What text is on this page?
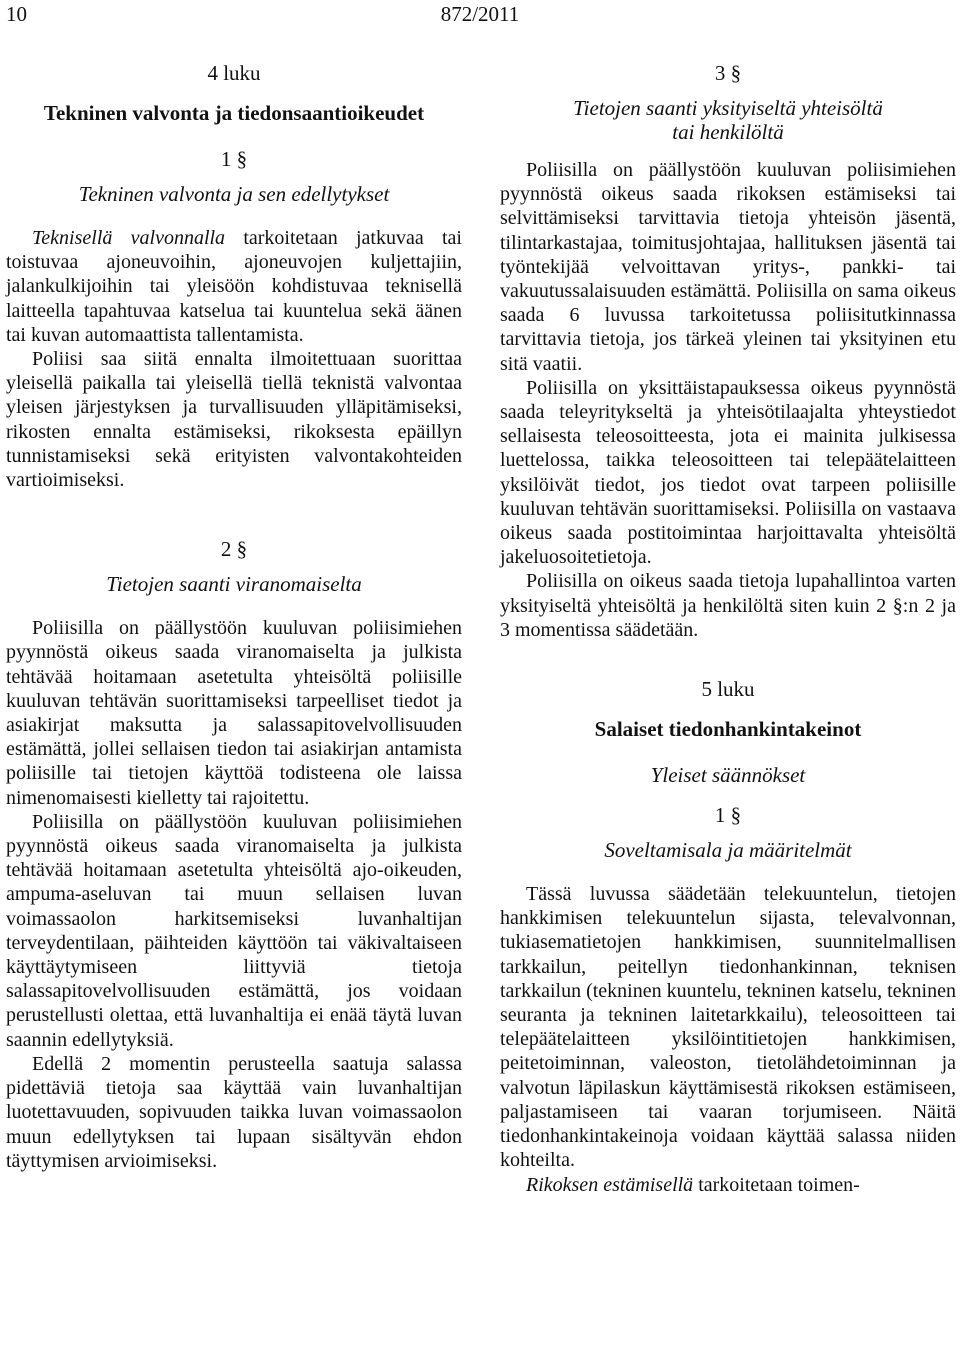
10	872/2011
4 luku
Tekninen valvonta ja tiedonsaantioikeudet
1 §
Tekninen valvonta ja sen edellytykset

Teknisellä valvonnalla tarkoitetaan jatkuvaa tai toistuvaa ajoneuvoihin, ajoneuvojen kuljettajiin, jalankulkijoihin tai yleisöön kohdistuvaa teknisellä laitteella tapahtuvaa katselua tai kuuntelua sekä äänen tai kuvan automaattista tallentamista.

Poliisi saa siitä ennalta ilmoitettuaan suorittaa yleisellä paikalla tai yleisellä tiellä teknistä valvontaa yleisen järjestyksen ja turvallisuuden ylläpitämiseksi, rikosten ennalta estämiseksi, rikoksesta epäillyn tunnistamiseksi sekä erityisten valvontakohteiden vartioimiseksi.

2 §
Tietojen saanti viranomaiselta

Poliisilla on päällystöön kuuluvan poliisimiehen pyynnöstä oikeus saada viranomaiselta ja julkista tehtävää hoitamaan asetetulta yhteisöltä poliisille kuuluvan tehtävän suorittamiseksi tarpeelliset tiedot ja asiakirjat maksutta ja salassapitovelvollisuuden estämättä, jollei sellaisen tiedon tai asiakirjan antamista poliisille tai tietojen käyttöä todisteena ole laissa nimenomaisesti kielletty tai rajoitettu.

Poliisilla on päällystöön kuuluvan poliisimiehen pyynnöstä oikeus saada viranomaiselta ja julkista tehtävää hoitamaan asetetulta yhteisöltä ajo-oikeuden, ampuma-aseluvan tai muun sellaisen luvan voimassaolon harkitsemiseksi luvanhaltijan terveydentilaan, päihteiden käyttöön tai väkivaltaiseen käyttäytymiseen liittyviä tietoja salassapitovelvollisuuden estämättä, jos voidaan perustellusti olettaa, että luvanhaltija ei enää täytä luvan saannin edellytyksiä.

Edellä 2 momentin perusteella saatuja salassa pidettäviä tietoja saa käyttää vain luvanhaltijan luotettavuuden, sopivuuden taikka luvan voimassaolon muun edellytyksen tai lupaan sisältyvän ehdon täyttymisen arvioimiseksi.

3 §
Tietojen saanti yksityiseltä yhteisöltä
tai henkilöltä

Poliisilla on päällystöön kuuluvan poliisimiehen pyynnöstä oikeus saada rikoksen estämiseksi tai selvittämiseksi tarvittavia tietoja yhteisön jäsentä, tilintarkastajaa, toimitusjohtajaa, hallituksen jäsentä tai työntekijää velvoittavan yritys-, pankki- tai vakuutussalaisuuden estämättä. Poliisilla on sama oikeus saada 6 luvussa tarkoitetussa poliisitutkinnassa tarvittavia tietoja, jos tärkeä yleinen tai yksityinen etu sitä vaatii.

Poliisilla on yksittäistapauksessa oikeus pyynnöstä saada teleyritykseltä ja yhteisötilaajalta yhteystiedot sellaisesta teleosoitteesta, jota ei mainita julkisessa luettelossa, taikka teleosoitteen tai telepäätelaitteen yksilöivät tiedot, jos tiedot ovat tarpeen poliisille kuuluvan tehtävän suorittamiseksi. Poliisilla on vastaava oikeus saada postitoimintaa harjoittavalta yhteisöltä jakeluosoitetietoja.

Poliisilla on oikeus saada tietoja lupahallintoa varten yksityiseltä yhteisöltä ja henkilöltä siten kuin 2 §:n 2 ja 3 momentissa säädetään.

5 luku
Salaiset tiedonhankintakeinot
Yleiset säännökset
1 §
Soveltamisala ja määritelmät

Tässä luvussa säädetään telekuuntelun, tietojen hankkimisen telekuuntelun sijasta, televalvonnan, tukiasematietojen hankkimisen, suunnitelmallisen tarkkailun, peitellyn tiedonhankinnan, teknisen tarkkailun (tekninen kuuntelu, tekninen katselu, tekninen seuranta ja tekninen laitetarkkailu), teleosoitteen tai telepäätelaitteen yksilöintitietojen hankkimisen, peitetoiminnan, valeoston, tietolähdetoiminnan ja valvotun läpilaskun käyttämisestä rikoksen estämiseen, paljastamiseen tai vaaran torjumiseen. Näitä tiedonhankintakeinoja voidaan käyttää salassa niiden kohteilta.

Rikoksen estämisellä tarkoitetaan toimen-
